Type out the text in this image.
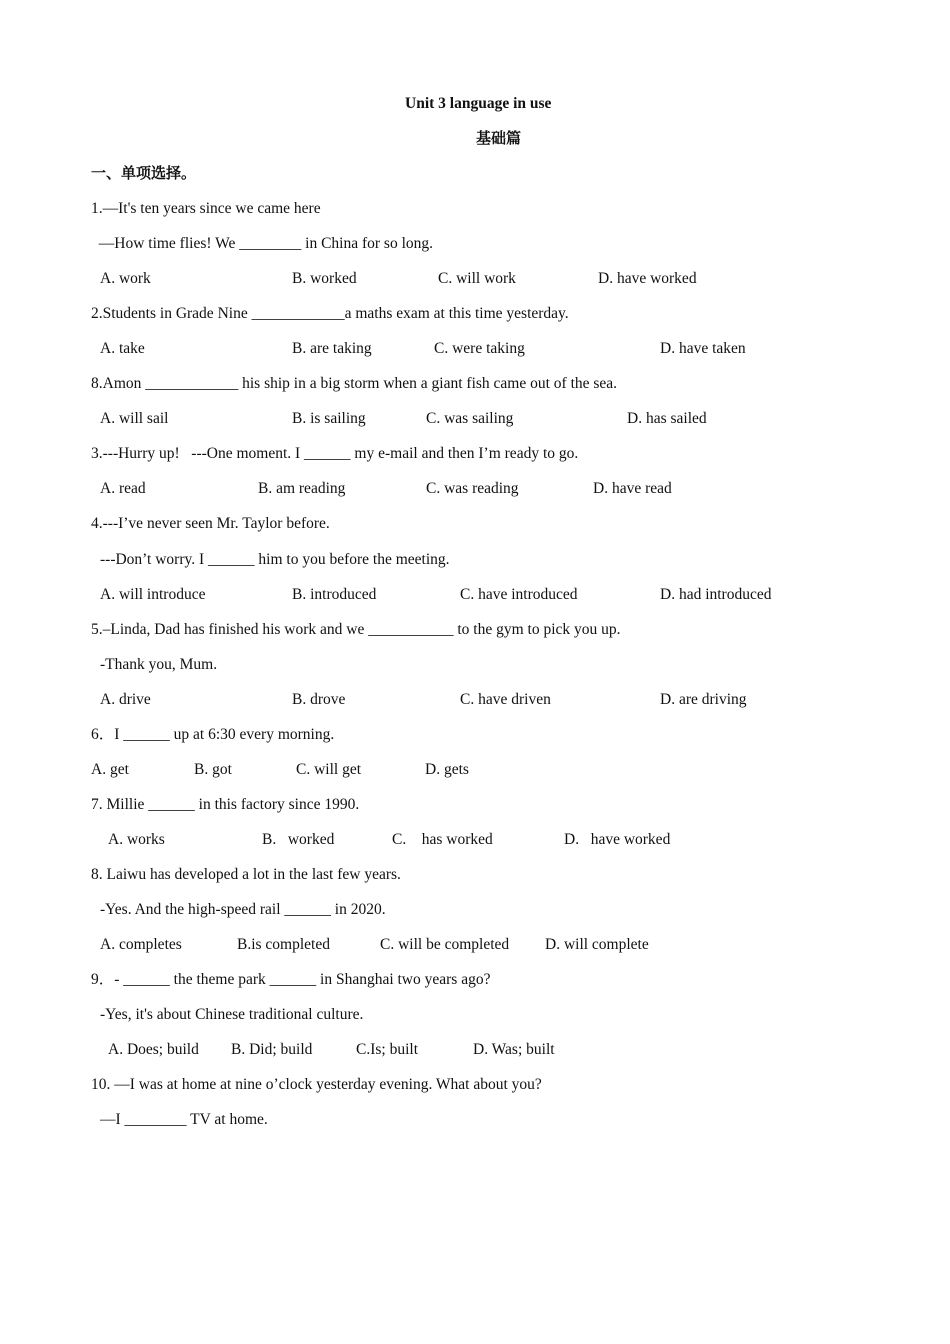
Unit 3 language in use
基础篇
一、单项选择。
1.—It's ten years since we came here
—How time flies! We ________ in China for so long.
A. work	B. worked	C. will work	D. have worked
2.Students in Grade Nine ____________a maths exam at this time yesterday.
A. take	B. are taking	C. were taking	D. have taken
8.Amon ____________ his ship in a big storm when a giant fish came out of the sea.
A. will sail	B. is sailing	C. was sailing	D. has sailed
3.---Hurry up!   ---One moment. I ______ my e-mail and then I’m ready to go.
A. read	B. am reading	C. was reading	D. have read
4.---I’ve never seen Mr. Taylor before.
---Don’t worry. I ______ him to you before the meeting.
A. will introduce	B. introduced	C. have introduced	D. had introduced
5.–Linda, Dad has finished his work and we ___________ to the gym to pick you up.
-Thank you, Mum.
A. drive	B. drove	C. have driven	D. are driving
6．I ______ up at 6:30 every morning.
A. get	B. got	C. will get	D. gets
7. Millie ______ in this factory since 1990.
A. works	B.   worked	C.    has worked	D.   have worked
8. Laiwu has developed a lot in the last few years.
-Yes. And the high-speed rail ______ in 2020.
A. completes	B.is completed	C. will be completed D. will complete
9．- ______ the theme park ______ in Shanghai two years ago?
-Yes, it's about Chinese traditional culture.
A. Does; build B. Did; build	C.Is; built	D. Was; built
10. —I was at home at nine o’clock yesterday evening. What about you?
—I ________ TV at home.
